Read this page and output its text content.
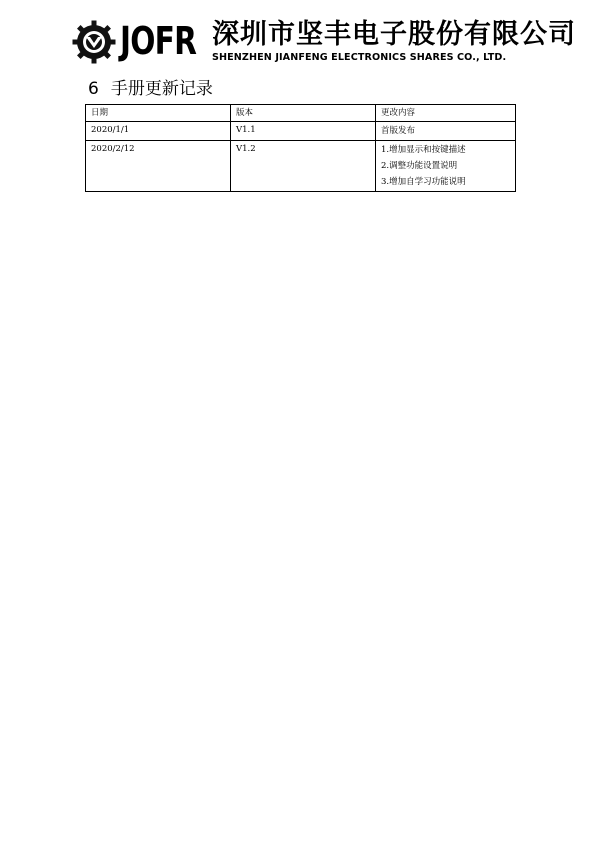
JOFR 深圳市坚丰电子股份有限公司
SHENZHEN JIANFENG ELECTRONICS SHARES CO., LTD.
6 手册更新记录
日期	版本	更改内容
2020/1/1	V1.1	首版发布

2020/2/12	V1.2	1.增加显示和按键描述
2.调整功能设置说明
3.增加自学习功能说明
